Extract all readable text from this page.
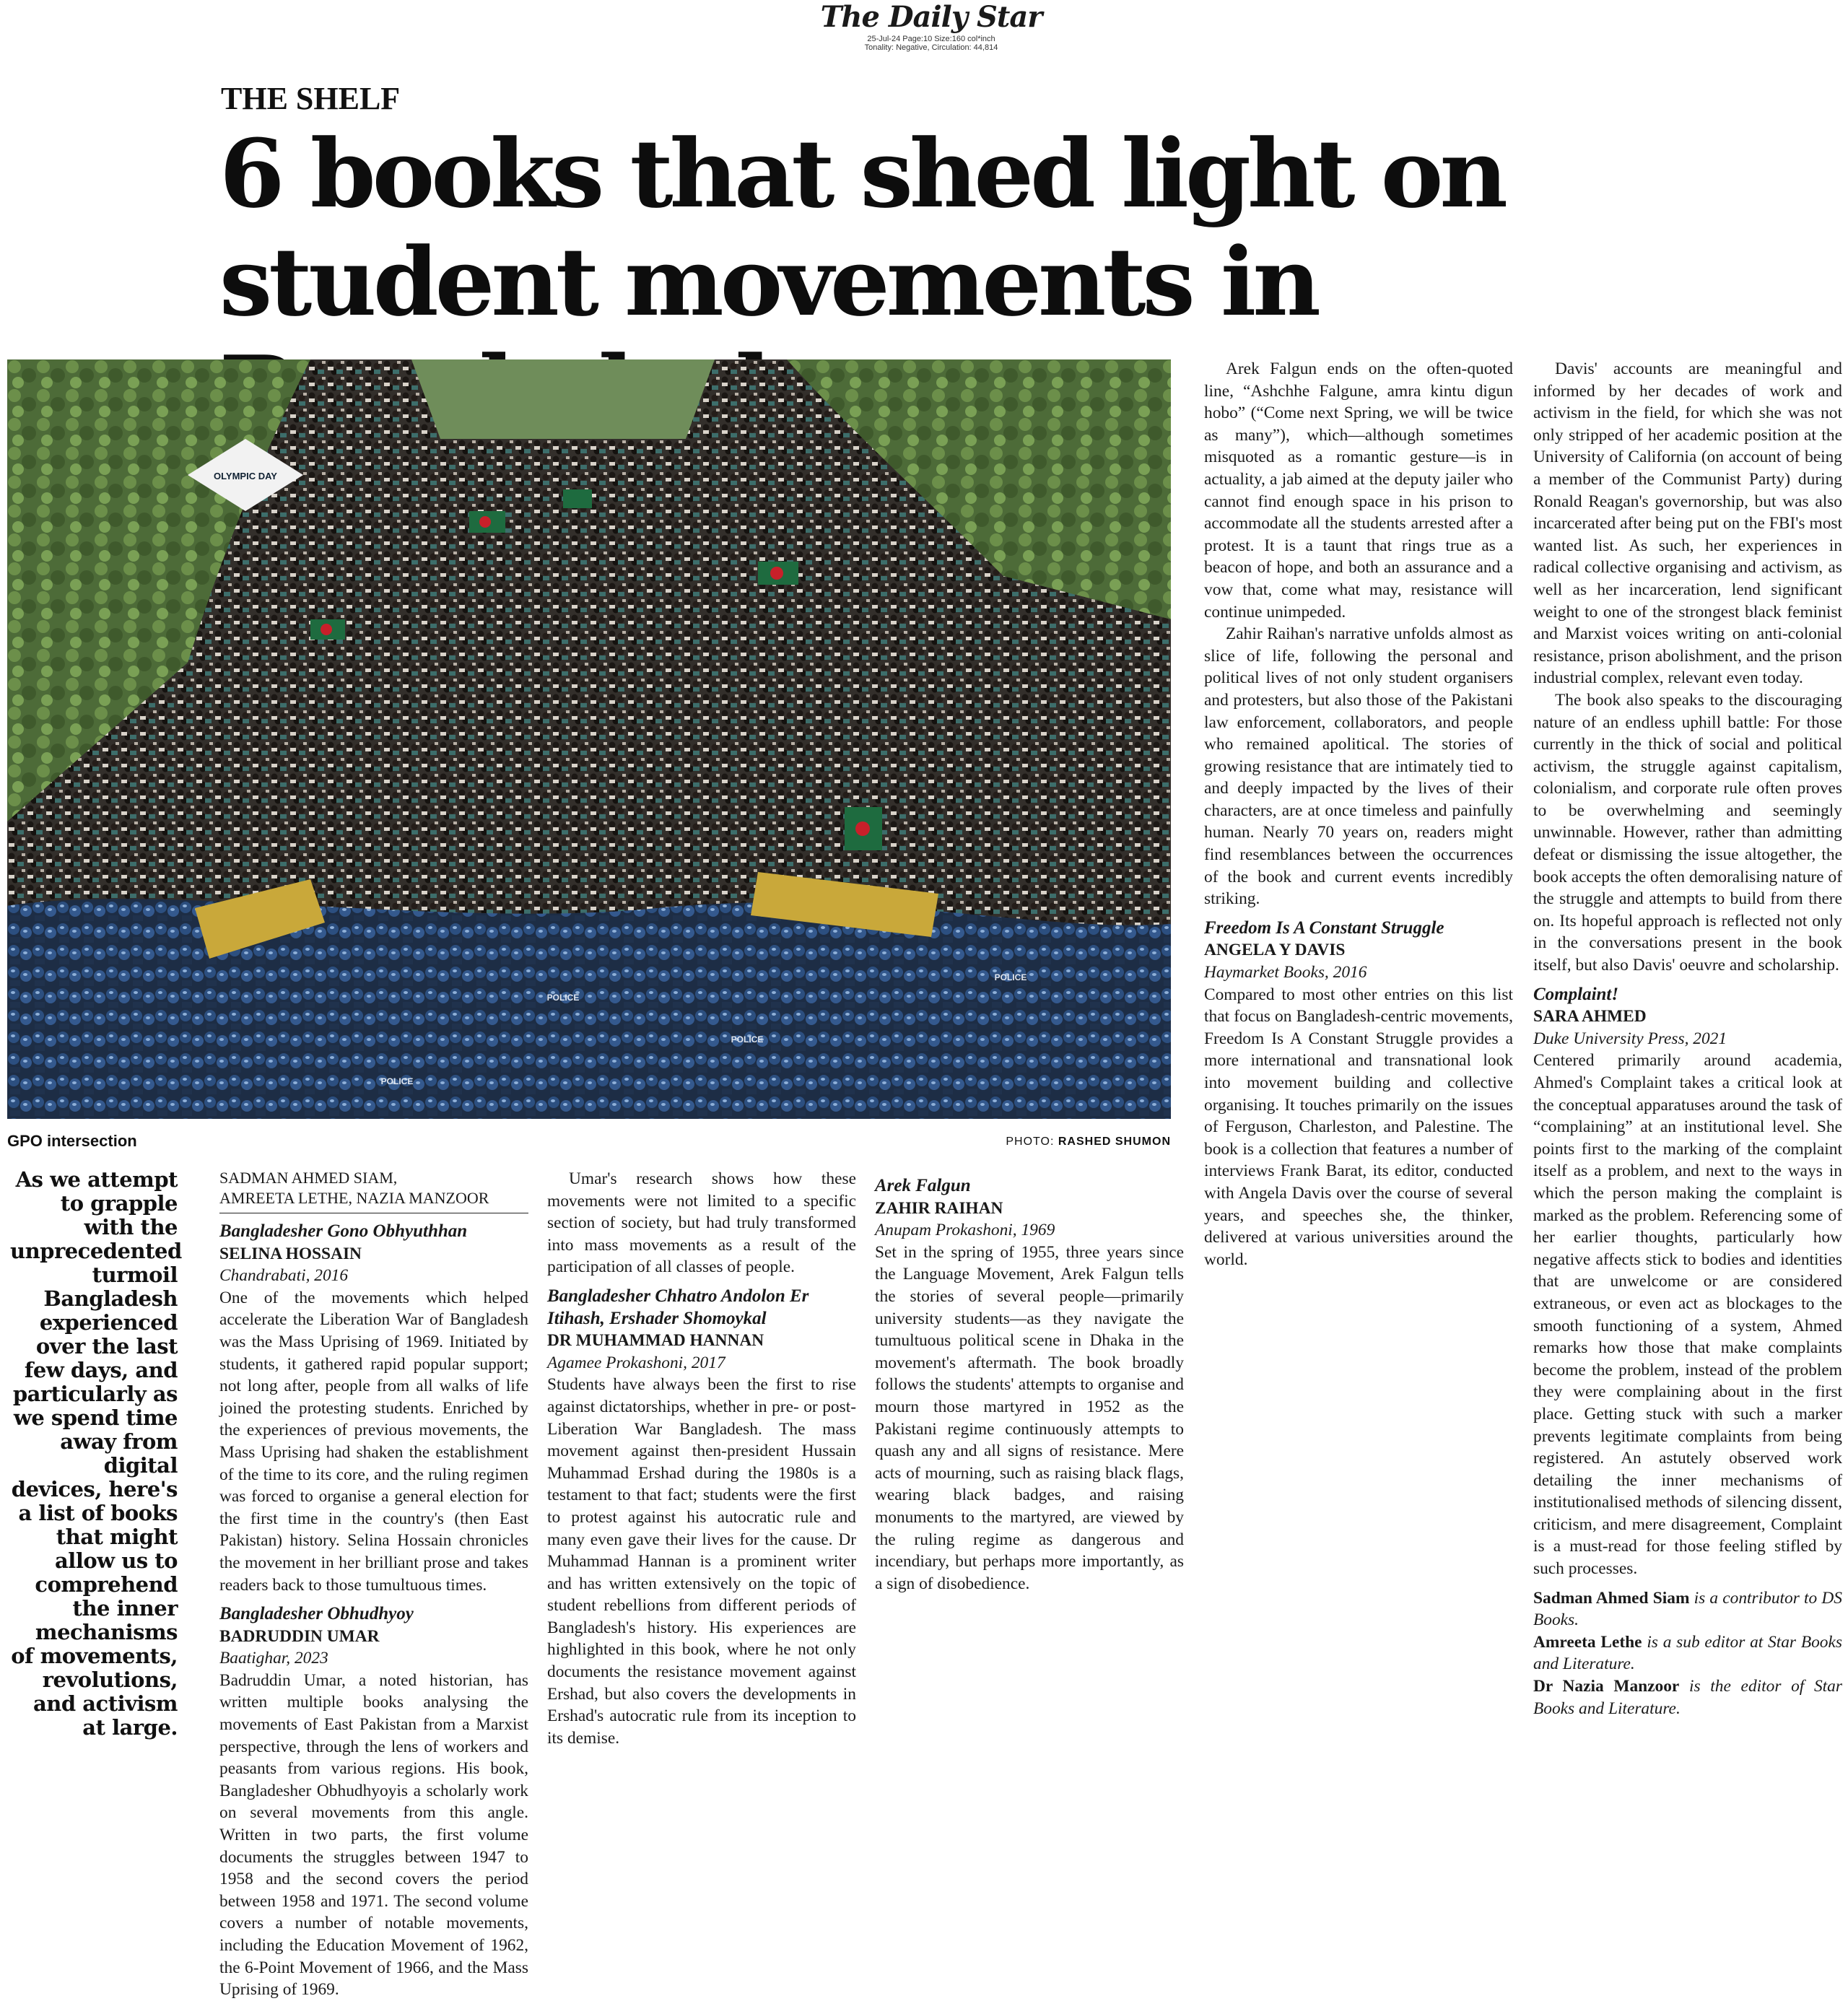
The Daily Star
25-Jul-24 Page:10 Size:160 col*inch
Tonality: Negative, Circulation: 44,814
THE SHELF
6 books that shed light on student movements in
OLYMPIC DAY
POLICE
POLICE
POLICE
POLICE
GPO intersection	PHOTO: RASHED SHUMON
As we attempt to grapple with the unprecedented turmoil Bangladesh experienced over the last few days, and particularly as we spend time away from digital devices, here's a list of books that might allow us to comprehend the inner mechanisms of movements, revolutions, and activism at large.
SADMAN AHMED SIAM,
AMREETA LETHE, NAZIA MANZOOR
Bangladesher Gono Obhyuthhan
SELINA HOSSAIN
Chandrabati, 2016

One of the movements which helped accelerate the Liberation War of Bangladesh was the Mass Uprising of 1969. Initiated by students, it gathered rapid popular support; not long after, people from all walks of life joined the protesting students. Enriched by the experiences of previous movements, the Mass Uprising had shaken the establishment of the time to its core, and the ruling regimen was forced to organise a general election for the first time in the country's (then East Pakistan) history. Selina Hossain chronicles the movement in her brilliant prose and takes readers back to those tumultuous times.

Bangladesher Obhudhyoy
BADRUDDIN UMAR
Baatighar, 2023

Badruddin Umar, a noted historian, has written multiple books analysing the movements of East Pakistan from a Marxist perspective, through the lens of workers and peasants from various regions. His book, Bangladesher Obhudhyoyis a scholarly work on several movements from this angle. Written in two parts, the first volume documents the struggles between 1947 to 1958 and the second covers the period between 1958 and 1971. The second volume covers a number of notable movements, including the Education Movement of 1962, the 6-Point Movement of 1966, and the Mass Uprising of 1969.

Umar's research shows how these movements were not limited to a specific section of society, but had truly transformed into mass movements as a result of the participation of all classes of people.

Bangladesher Chhatro Andolon Er Itihash, Ershader Shomoykal
DR MUHAMMAD HANNAN
Agamee Prokashoni, 2017

Students have always been the first to rise against dictatorships, whether in pre- or post-Liberation War Bangladesh. The mass movement against then-president Hussain Muhammad Ershad during the 1980s is a testament to that fact; students were the first to protest against his autocratic rule and many even gave their lives for the cause. Dr Muhammad Hannan is a prominent writer and has written extensively on the topic of student rebellions from different periods of Bangladesh's history. His experiences are highlighted in this book, where he not only documents the resistance movement against Ershad, but also covers the developments in Ershad's autocratic rule from its inception to its demise.

Arek Falgun
ZAHIR RAIHAN
Anupam Prokashoni, 1969

Set in the spring of 1955, three years since the Language Movement, Arek Falgun tells the stories of several people—primarily university students—as they navigate the tumultuous political scene in Dhaka in the movement's aftermath. The book broadly follows the students' attempts to organise and mourn those martyred in 1952 as the Pakistani regime continuously attempts to quash any and all signs of resistance. Mere acts of mourning, such as raising black flags, wearing black badges, and raising monuments to the martyred, are viewed by the ruling regime as dangerous and incendiary, but perhaps more importantly, as a sign of disobedience.

Arek Falgun ends on the often-quoted line, “Ashchhe Falgune, amra kintu digun hobo” (“Come next Spring, we will be twice as many”), which—although sometimes misquoted as a romantic gesture—is in actuality, a jab aimed at the deputy jailer who cannot find enough space in his prison to accommodate all the students arrested after a protest. It is a taunt that rings true as a beacon of hope, and both an assurance and a vow that, come what may, resistance will continue unimpeded.

Zahir Raihan's narrative unfolds almost as slice of life, following the personal and political lives of not only student organisers and protesters, but also those of the Pakistani law enforcement, collaborators, and people who remained apolitical. The stories of growing resistance that are intimately tied to and deeply impacted by the lives of their characters, are at once timeless and painfully human. Nearly 70 years on, readers might find resemblances between the occurrences of the book and current events incredibly striking.

Freedom Is A Constant Struggle
ANGELA Y DAVIS
Haymarket Books, 2016

Compared to most other entries on this list that focus on Bangladesh-centric movements, Freedom Is A Constant Struggle provides a more international and transnational look into movement building and collective organising. It touches primarily on the issues of Ferguson, Charleston, and Palestine. The book is a collection that features a number of interviews Frank Barat, its editor, conducted with Angela Davis over the course of several years, and speeches she, the thinker, delivered at various universities around the world.

Davis' accounts are meaningful and informed by her decades of work and activism in the field, for which she was not only stripped of her academic position at the University of California (on account of being a member of the Communist Party) during Ronald Reagan's governorship, but was also incarcerated after being put on the FBI's most wanted list. As such, her experiences in radical collective organising and activism, as well as her incarceration, lend significant weight to one of the strongest black feminist and Marxist voices writing on anti-colonial resistance, prison abolishment, and the prison industrial complex, relevant even today.

The book also speaks to the discouraging nature of an endless uphill battle: For those currently in the thick of social and political activism, the struggle against capitalism, colonialism, and corporate rule often proves to be overwhelming and seemingly unwinnable. However, rather than admitting defeat or dismissing the issue altogether, the book accepts the often demoralising nature of the struggle and attempts to build from there on. Its hopeful approach is reflected not only in the conversations present in the book itself, but also Davis' oeuvre and scholarship.

Complaint!
SARA AHMED
Duke University Press, 2021

Centered primarily around academia, Ahmed's Complaint takes a critical look at the conceptual apparatuses around the task of “complaining” at an institutional level. She points first to the marking of the complaint itself as a problem, and next to the ways in which the person making the complaint is marked as the problem. Referencing some of her earlier thoughts, particularly how negative affects stick to bodies and identities that are unwelcome or are considered extraneous, or even act as blockages to the smooth functioning of a system, Ahmed remarks how those that make complaints become the problem, instead of the problem they were complaining about in the first place. Getting stuck with such a marker prevents legitimate complaints from being registered. An astutely observed work detailing the inner mechanisms of institutionalised methods of silencing dissent, criticism, and mere disagreement, Complaint is a must-read for those feeling stifled by such processes.

Sadman Ahmed Siam is a contributor to DS Books.

Amreeta Lethe is a sub editor at Star Books and Literature.

Dr Nazia Manzoor is the editor of Star Books and Literature.
